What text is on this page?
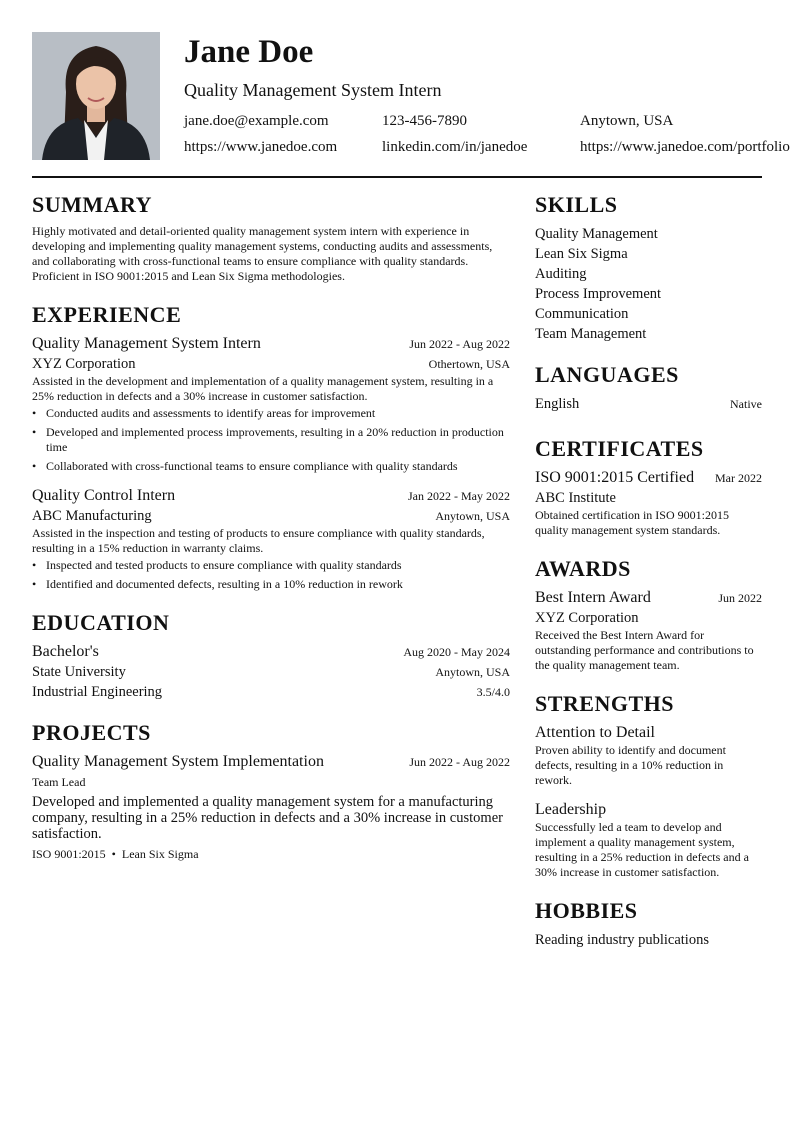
Jane Doe
Quality Management System Intern
jane.doe@example.com	123-456-7890	Anytown, USA
https://www.janedoe.com	linkedin.com/in/janedoe	https://www.janedoe.com/portfolio
SUMMARY
Highly motivated and detail-oriented quality management system intern with experience in developing and implementing quality management systems, conducting audits and assessments, and collaborating with cross-functional teams to ensure compliance with quality standards. Proficient in ISO 9001:2015 and Lean Six Sigma methodologies.
EXPERIENCE
Quality Management System Intern	Jun 2022 - Aug 2022
XYZ Corporation	Othertown, USA
Assisted in the development and implementation of a quality management system, resulting in a 25% reduction in defects and a 30% increase in customer satisfaction.
• Conducted audits and assessments to identify areas for improvement
• Developed and implemented process improvements, resulting in a 20% reduction in production time
• Collaborated with cross-functional teams to ensure compliance with quality standards
Quality Control Intern	Jan 2022 - May 2022
ABC Manufacturing	Anytown, USA
Assisted in the inspection and testing of products to ensure compliance with quality standards, resulting in a 15% reduction in warranty claims.
• Inspected and tested products to ensure compliance with quality standards
• Identified and documented defects, resulting in a 10% reduction in rework
EDUCATION
Bachelor's	Aug 2020 - May 2024
State University	Anytown, USA
Industrial Engineering	3.5/4.0
PROJECTS
Quality Management System Implementation	Jun 2022 - Aug 2022
Team Lead
Developed and implemented a quality management system for a manufacturing company, resulting in a 25% reduction in defects and a 30% increase in customer satisfaction.
ISO 9001:2015 • Lean Six Sigma
SKILLS
Quality Management
Lean Six Sigma
Auditing
Process Improvement
Communication
Team Management
LANGUAGES
English	Native
CERTIFICATES
ISO 9001:2015 Certified Mar 2022
ABC Institute
Obtained certification in ISO 9001:2015 quality management system standards.
AWARDS
Best Intern Award	Jun 2022
XYZ Corporation
Received the Best Intern Award for outstanding performance and contributions to the quality management team.
STRENGTHS
Attention to Detail
Proven ability to identify and document defects, resulting in a 10% reduction in rework.
Leadership
Successfully led a team to develop and implement a quality management system, resulting in a 25% reduction in defects and a 30% increase in customer satisfaction.
HOBBIES
Reading industry publications
